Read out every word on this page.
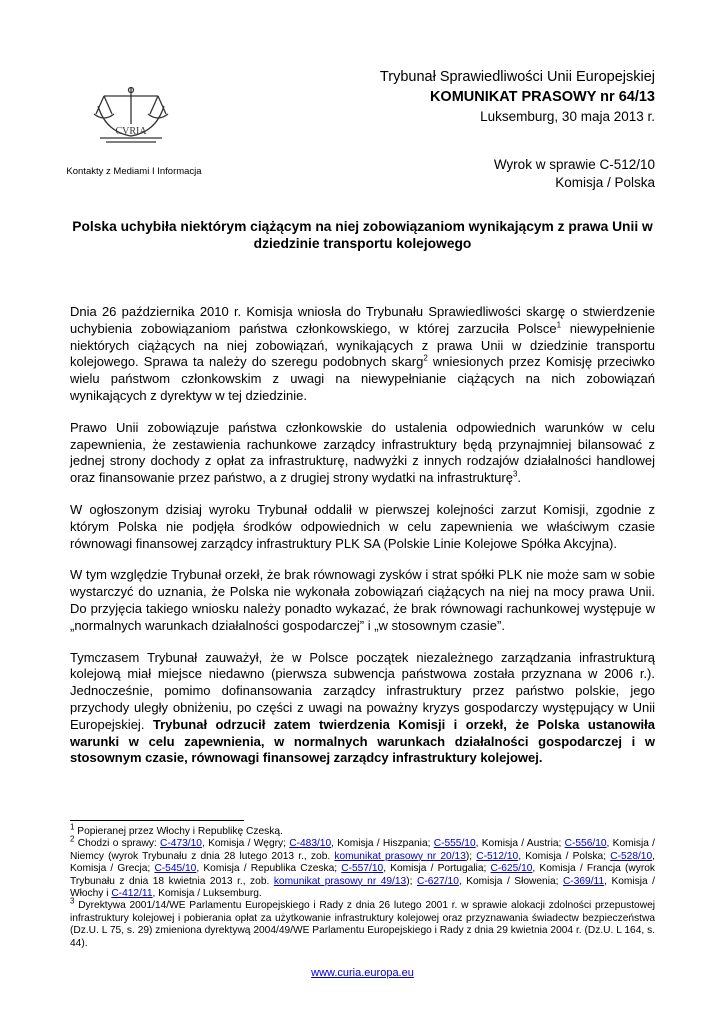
CVRIA
Kontakty z Mediami I Informacja
Trybunał Sprawiedliwości Unii Europejskiej
KOMUNIKAT PRASOWY nr 64/13
Luksemburg, 30 maja 2013 r.
Wyrok w sprawie C-512/10
Komisja / Polska
Polska uchybiła niektórym ciążącym na niej zobowiązaniom wynikającym z prawa Unii w dziedzinie transportu kolejowego

Dnia 26 października 2010 r. Komisja wniosła do Trybunału Sprawiedliwości skargę o stwierdzenie uchybienia zobowiązaniom państwa członkowskiego, w której zarzuciła Polsce$^1$ niewypełnienie niektórych ciążących na niej zobowiązań, wynikających z prawa Unii w dziedzinie transportu kolejowego. Sprawa ta należy do szeregu podobnych skarg$^2$ wniesionych przez Komisję przeciwko wielu państwom członkowskim z uwagi na niewypełnianie ciążących na nich zobowiązań wynikających z dyrektyw w tej dziedzinie.

Prawo Unii zobowiązuje państwa członkowskie do ustalenia odpowiednich warunków w celu zapewnienia, że zestawienia rachunkowe zarządcy infrastruktury będą przynajmniej bilansować z jednej strony dochody z opłat za infrastrukturę, nadwyżki z innych rodzajów działalności handlowej oraz finansowanie przez państwo, a z drugiej strony wydatki na infrastrukturę$^3$.

W ogłoszonym dzisiaj wyroku Trybunał oddalił w pierwszej kolejności zarzut Komisji, zgodnie z którym Polska nie podjęła środków odpowiednich w celu zapewnienia we właściwym czasie równowagi finansowej zarządcy infrastruktury PLK SA (Polskie Linie Kolejowe Spółka Akcyjna).

W tym względzie Trybunał orzekł, że brak równowagi zysków i strat spółki PLK nie może sam w sobie wystarczyć do uznania, że Polska nie wykonała zobowiązań ciążących na niej na mocy prawa Unii. Do przyjęcia takiego wniosku należy ponadto wykazać, że brak równowagi rachunkowej występuje w „normalnych warunkach działalności gospodarczej” i „w stosownym czasie”.

Tymczasem Trybunał zauważył, że w Polsce początek niezależnego zarządzania infrastrukturą kolejową miał miejsce niedawno (pierwsza subwencja państwowa została przyznana w 2006 r.). Jednocześnie, pomimo dofinansowania zarządcy infrastruktury przez państwo polskie, jego przychody uległy obniżeniu, po części z uwagi na poważny kryzys gospodarczy występujący w Unii Europejskiej. Trybunał odrzucił zatem twierdzenia Komisji i orzekł, że Polska ustanowiła warunki w celu zapewnienia, w normalnych warunkach działalności gospodarczej i w stosownym czasie, równowagi finansowej zarządcy infrastruktury kolejowej.

$^1$ Popieranej przez Włochy i Republikę Czeską.
$^2$ Chodzi o sprawy: C-473/10, Komisja / Węgry; C-483/10, Komisja / Hiszpania; C-555/10, Komisja / Austria; C-556/10, Komisja / Niemcy (wyrok Trybunału z dnia 28 lutego 2013 r., zob. komunikat prasowy nr 20/13); C-512/10, Komisja / Polska; C-528/10, Komisja / Grecja; C-545/10, Komisja / Republika Czeska; C-557/10, Komisja / Portugalia; C-625/10, Komisja / Francja (wyrok Trybunału z dnia 18 kwietnia 2013 r., zob. komunikat prasowy nr 49/13); C-627/10, Komisja / Słowenia; C-369/11, Komisja / Włochy i C-412/11, Komisja / Luksemburg.
$^3$ Dyrektywa 2001/14/WE Parlamentu Europejskiego i Rady z dnia 26 lutego 2001 r. w sprawie alokacji zdolności przepustowej infrastruktury kolejowej i pobierania opłat za użytkowanie infrastruktury kolejowej oraz przyznawania świadectw bezpieczeństwa (Dz.U. L 75, s. 29) zmieniona dyrektywą 2004/49/WE Parlamentu Europejskiego i Rady z dnia 29 kwietnia 2004 r. (Dz.U. L 164, s. 44).
www.curia.europa.eu
